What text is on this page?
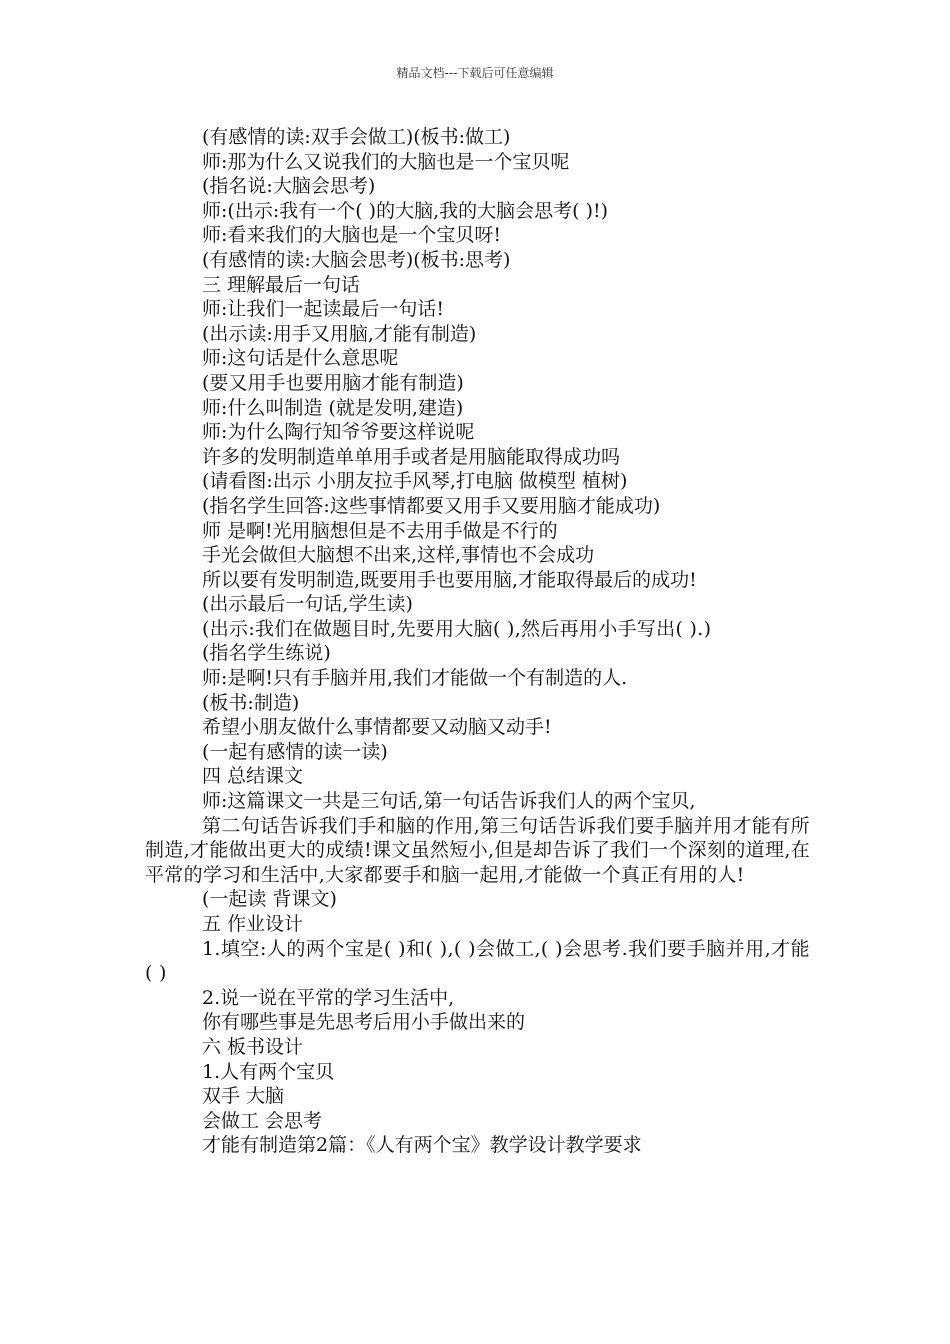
精品文档---下载后可任意编辑
(有感情的读:双手会做工)(板书:做工)
师:那为什么又说我们的大脑也是一个宝贝呢
(指名说:大脑会思考)
师:(出示:我有一个( )的大脑,我的大脑会思考( )!)
师:看来我们的大脑也是一个宝贝呀!
(有感情的读:大脑会思考)(板书:思考)
三 理解最后一句话
师:让我们一起读最后一句话!
(出示读:用手又用脑,才能有制造)
师:这句话是什么意思呢
(要又用手也要用脑才能有制造)
师:什么叫制造 (就是发明,建造)
师:为什么陶行知爷爷要这样说呢
许多的发明制造单单用手或者是用脑能取得成功吗
(请看图:出示 小朋友拉手风琴,打电脑 做模型 植树)
(指名学生回答:这些事情都要又用手又要用脑才能成功)
师 是啊!光用脑想但是不去用手做是不行的
手光会做但大脑想不出来,这样,事情也不会成功
所以要有发明制造,既要用手也要用脑,才能取得最后的成功!
(出示最后一句话,学生读)
(出示:我们在做题目时,先要用大脑( ),然后再用小手写出( ).)
(指名学生练说)
师:是啊!只有手脑并用,我们才能做一个有制造的人.
(板书:制造)
希望小朋友做什么事情都要又动脑又动手!
(一起有感情的读一读)
四 总结课文
师:这篇课文一共是三句话,第一句话告诉我们人的两个宝贝,
第二句话告诉我们手和脑的作用,第三句话告诉我们要手脑并用才能有所制造,才能做出更大的成绩!课文虽然短小,但是却告诉了我们一个深刻的道理,在平常的学习和生活中,大家都要手和脑一起用,才能做一个真正有用的人!
(一起读 背课文)
五 作业设计
1.填空:人的两个宝是( )和( ),( )会做工,( )会思考.我们要手脑并用,才能( )
2.说一说在平常的学习生活中,
你有哪些事是先思考后用小手做出来的
六 板书设计
1.人有两个宝贝
双手 大脑
会做工 会思考
才能有制造第2篇：《人有两个宝》教学设计教学要求
